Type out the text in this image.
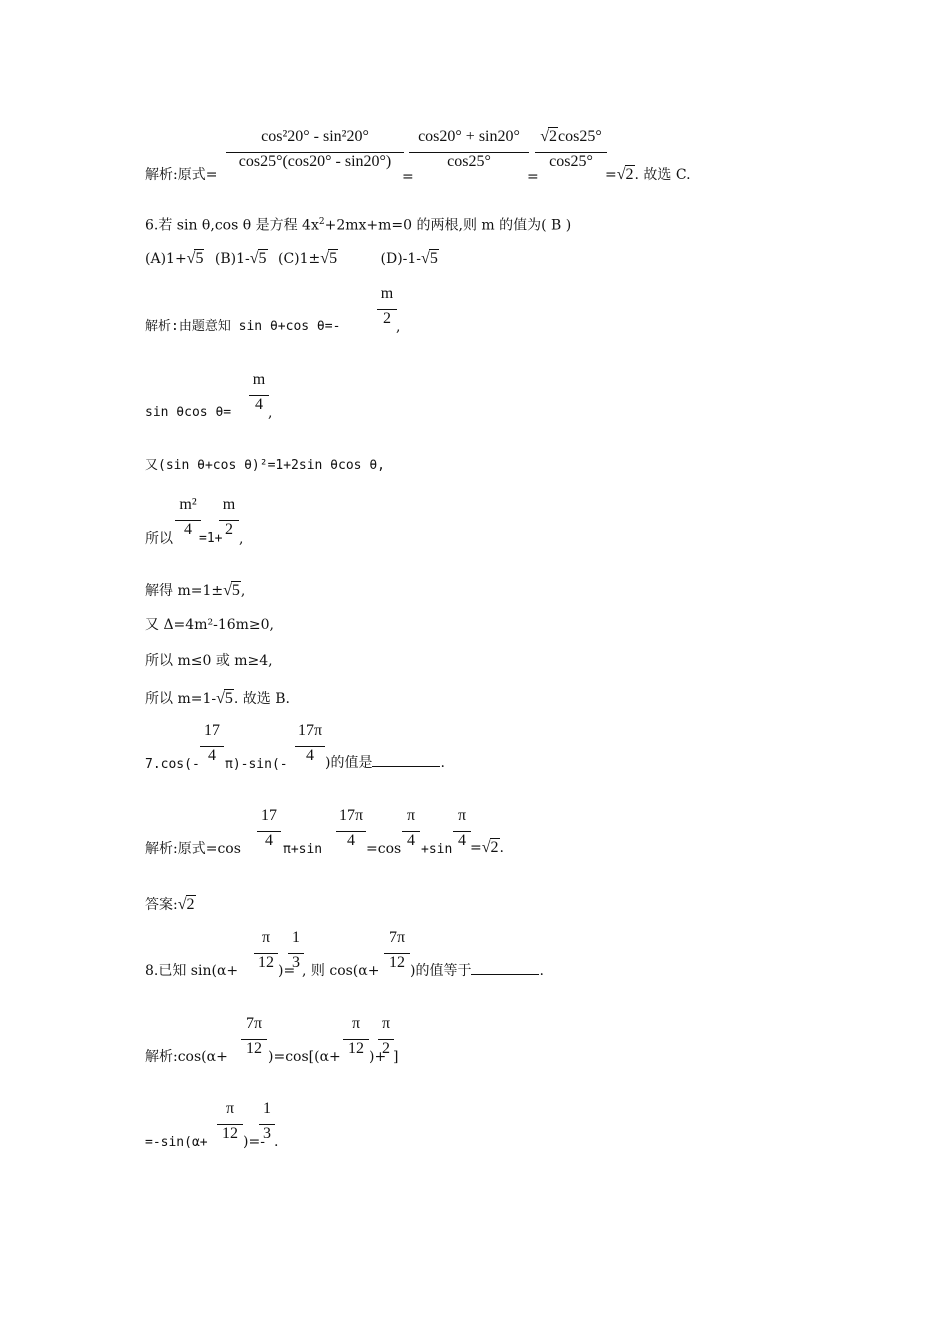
$\frac{\text{cos²20° - sin²20°}}{\cos 25^\circ(\cos 20^\circ - \sin 20^\circ)} \frac{\cos 20^\circ + \sin 20^\circ}{\cos 25^\circ} \frac{√2\cos 25^\circ}{\cos 25^\circ}$
解析:原式=	=	=	=√2. 故选 C.
6.若 sin θ,cos θ 是方程 $4x^2+2mx+m=0$ 的两根,则 m 的值为( B )
(A)1+√5 (B)1-√5 (C)1±√5	(D)-1-√5
解析:由题意知 sin θ+cos $\theta=- \frac{m}{2}$ ,
sin θcos $\theta= \frac{m}{4}$ ,
又(sin θ+cos θ)²=1+2sin θcos θ,
所以 $\frac{\text{m²}}{4}$
=1+
$\frac{m}{2}$ ,
解得 m=1±√5,
又 Δ=4m²-16m≥0,
所以 m≤0 或 m≥4,
所以 m=1-√5. 故选 B.
$7.\cos(- \frac{17}{4} \pi)-\sin(- \frac{17\pi}{4}$ )的值是	.
解析:原式$=\cos \frac{17}{4} \pi+\sin \frac{17\pi}{4} =\cos \frac{\pi}{4} +\sin \frac{\pi}{4} =√2$.
答案:√2
8.已知 $\sin(\alpha+ \frac{\pi}{12}$ )=
$\frac{1}{3}$
, 则 $\cos(\alpha+ \frac{7\pi}{12}$ )的值等于	.
解析:cos(α+ $\frac{7\pi}{12} )=\cos[(\alpha+ \frac{\pi}{12}$ )+
$\frac{\pi}{2}$ ]
$=-\sin(\alpha+ \frac{\pi}{12}$ )=-
$\frac{1}{3}$ .
